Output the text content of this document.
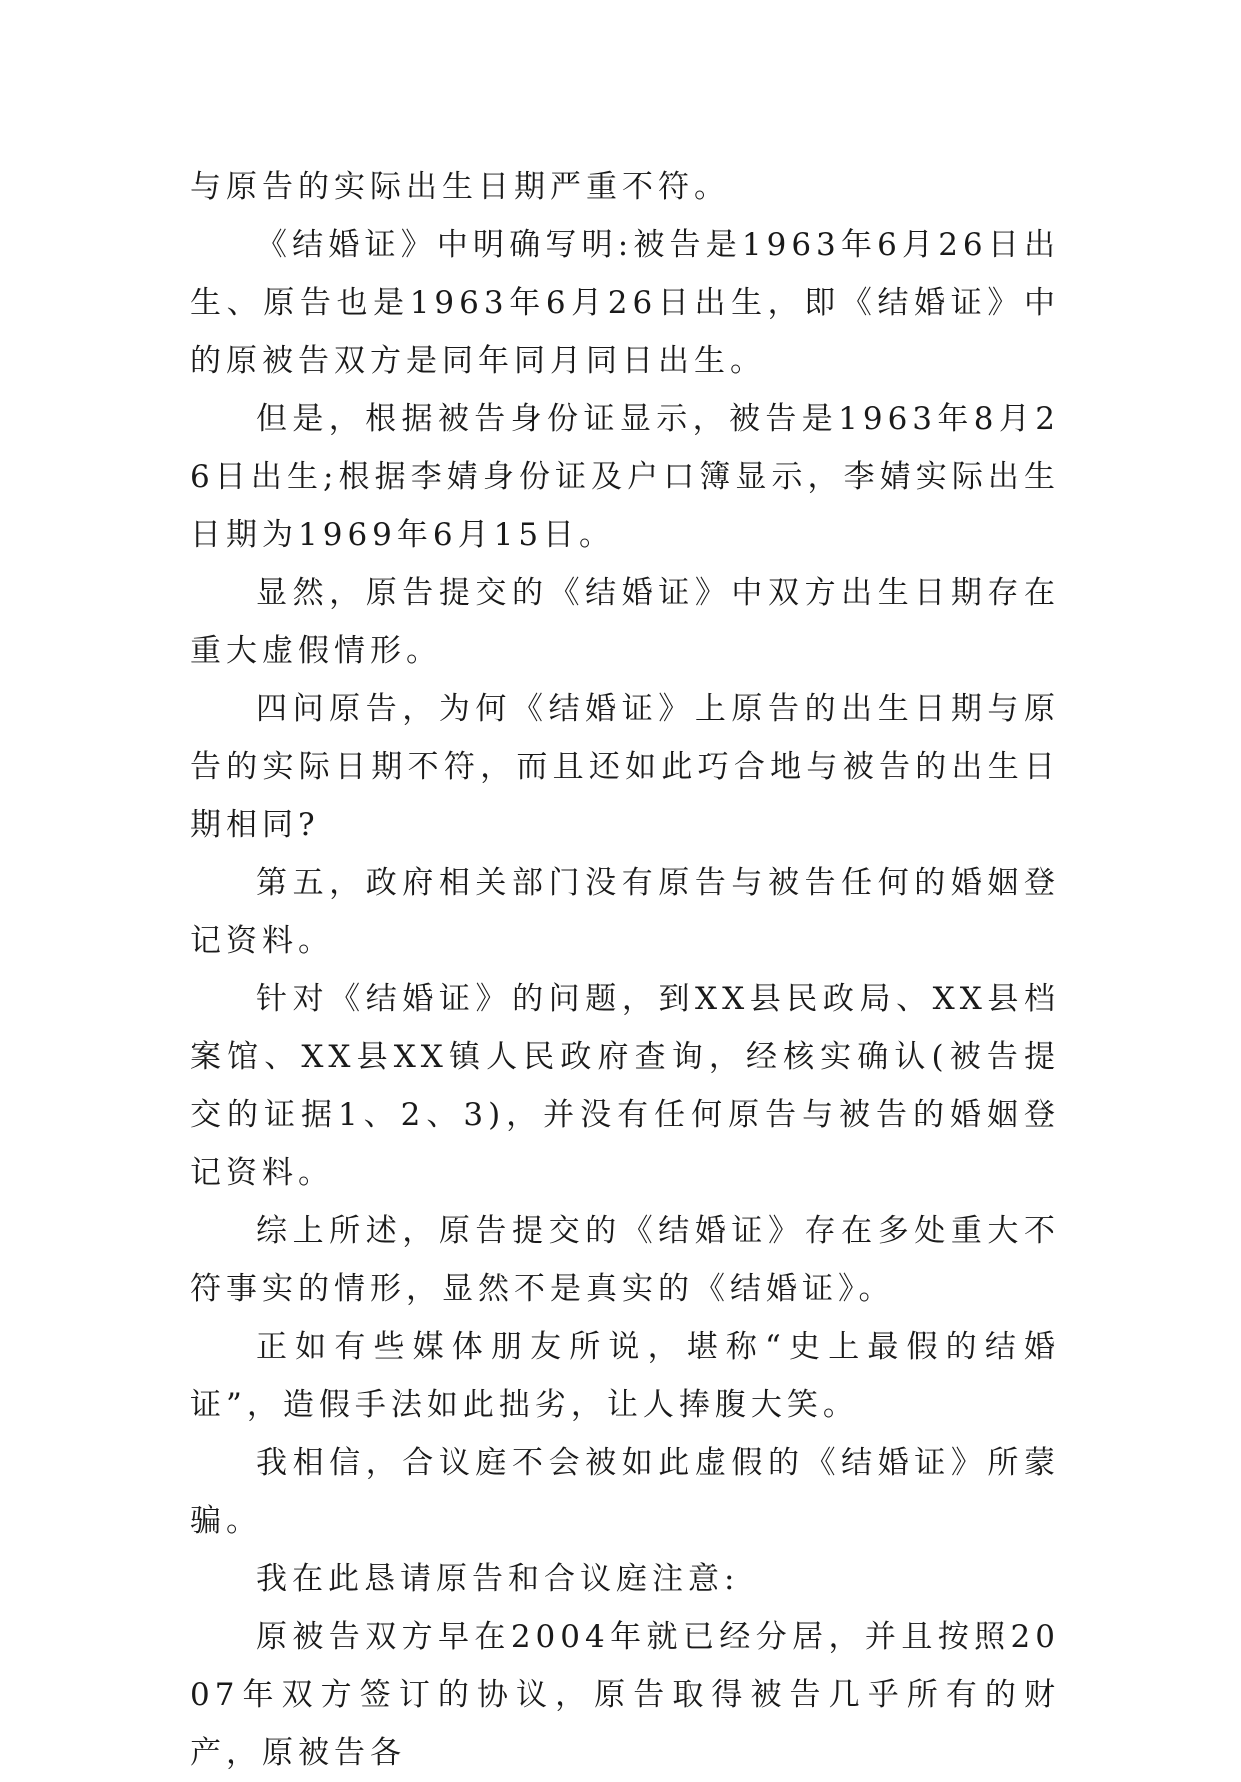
与原告的实际出生日期严重不符。

《结婚证》中明确写明:被告是1963年6月26日出生、原告也是1963年6月26日出生，即《结婚证》中的原被告双方是同年同月同日出生。

但是，根据被告身份证显示，被告是1963年8月26日出生;根据李婧身份证及户口簿显示，李婧实际出生日期为1969年6月15日。

显然，原告提交的《结婚证》中双方出生日期存在重大虚假情形。

四问原告，为何《结婚证》上原告的出生日期与原告的实际日期不符，而且还如此巧合地与被告的出生日期相同?

第五，政府相关部门没有原告与被告任何的婚姻登记资料。

针对《结婚证》的问题，到XX县民政局、XX县档案馆、XX县XX镇人民政府查询，经核实确认(被告提交的证据1、2、3)，并没有任何原告与被告的婚姻登记资料。

综上所述，原告提交的《结婚证》存在多处重大不符事实的情形，显然不是真实的《结婚证》。

正如有些媒体朋友所说，堪称“史上最假的结婚证”，造假手法如此拙劣，让人捧腹大笑。

我相信，合议庭不会被如此虚假的《结婚证》所蒙骗。

我在此恳请原告和合议庭注意:

原被告双方早在2004年就已经分居，并且按照2007年双方签订的协议，原告取得被告几乎所有的财产，原被告各
